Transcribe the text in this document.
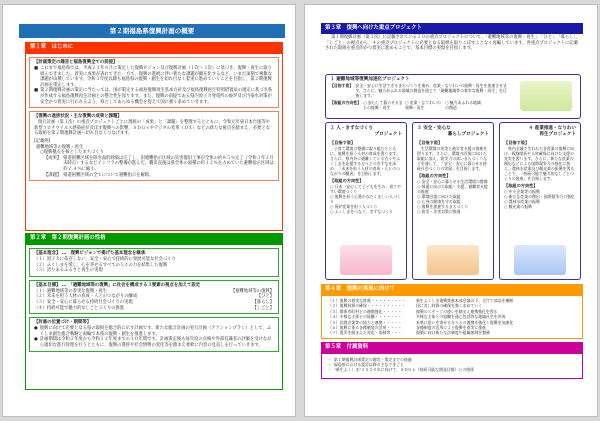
第２期福島県復興計画の概要
第１章　はじめに
【計画策定の趣旨と福島復興全ての前提】
■ これまで福島県では、平成２３年８月に策定した復興ビジョン及び復興計画（１次～３次）に基づき、復興・再生に取り組んできました。着実に成果が表れてきた一方で、復興の進展に伴い新たな課題が顕在化するなど、いまだ深刻で複雑な課題が山積しています。令和３年度以降も福島県の復興・創生を切れ目なく着実に進めていくことを目指し、第２期復興計画を策定します。
■ 第２期復興計画の策定に当たっては、国が策定する福島復興再生基本方針及び福島復興再生特別措置法の規定に基づき県が作成する福島復興再生計画との整合性を図ります。また、復興の前提である県内原子力発電所の廃炉及び汚染水対策が安全かつ着実に行われるよう、県としてあらゆる機会を捉えて国に強く求めていきます。
【復興の進捗状況・主な復興の成果と課題】
現行計画（第３次）の重点プロジェクトごとに現組の「成果」と「課題」を整理するとともに、令和元年東日本台風等や新型コロナウイルス感染症が及ぼす復興への影響、ＳＤＧｓやデジタル変革（ＤＸ）などの新たな視点を踏まえ、必要となる取組を第２期復興計画へ切れ目なくつなげます。
[記載例]
避難地域等の復興・再生
○復興拠点を核としたまちづくり
【成果】 帰還困難区域を除き面的除染は完了し、旧避難指示区域の災害復旧工事が全体の約８５％完了（令和３年２月末時点）するなどインフラの整備が進んだ。襲災直後は県全体の面積の約１２％を占めていた避難指示区域は約２.４％に縮小。
【課題】 帰還困難区域の全てについて避難指示を解除。
第２章　第２期復興計画の性格
【基本理念】 …　復興ビジョンで掲げた基本理念を継承
（１）原子力に依存しない、安全・安心で持続的に発展可能な社会づくり
（２）ふくしまを愛し、心を寄せるすべての人々の力を結集した復興
（３）誇りあるふるさと再生の実現
【基本目標】 …　「避難地域等の復興」に社会を構成する３要素の視点を加えて設定
（１）避難地域等の着実な復興・再生	【避難地域等の復興】
（２）未来を担う人材の育成・人とのつながりの醸成	【ひと】
（３）安全・安心に暮らせる持続社会づくりの実現	【暮らし】
（４）持続可能で魅力的なしごとづくりの推進	【しごと】
【計画の位置づけ・期間等】
● 復興に向けて必要となる県の取組を総合的に示す計画です。新たな総合計画の実行計画（アクションプラン）として、ふくしま創生総合戦略と両輪で本県の復興・創生を推進します。
● 計画期間は令和３年度から令和１２年度までの１０年間です。計画策定後も毎年度の点検や外部有識者の評価を受けながら適切な進行管理を行うとともに、復興の進捗や社会情勢の変化等を踏まえ柔軟に内容の見直しを行っていきます。
第３章　復興へ向けた重点プロジェクト
第１期復興計画（第３次）に記載されている１０の重点プロジェクトについて、「避難地域等の復興・再生」、「ひと」、「暮らし」、「しごと」の視点から、４の重点プロジェクトに必要となる取組を取りこぼすことなく再編しています。各重点プロジェクトに記載された取組を重点的かつ着実に進めることで、基本目標の実現を目指します。
１ 避難地域等復興加速化プロジェクト
【目指す姿】 安全・安心に生活できるまちづくりを進め、産業・なりわいの復興・再生を加速させます。さらに、魅力あふれる地域の創造を通じて「避難地域等の着実な復興・再生」を目指します。
【取組の方向性】 ○ 安心して暮らせるまちの復興・再生
○ 産業・なりわいの復興・再生
○ 魅力あふれる地域の創造
２ 人・きずなづくり
プロジェクト
【目指す姿】
子育て環境の整備に取り組むとともに、復興を担う人材の育成を図ります。さらに、県内外に避難している方々やふくしまを応援する方々とのきずなを深め、「未来を担う人材の育成・人とのつながりの醸成」を目指します。
【取組の方向性】
○ 日本一安心して子どもを生み、育てやすい環境づくり
○ 復興を担う心豊かなたくましい人づくり
○ 廃炉産業を担う人づくり
○ ふくしまをつなぐ、きずなづくり
３ 安全・安心な
暮らしプロジェクト
【目指す姿】
生活環境の充実と被災者支援の推進を図ります。さらに、環境の回復に向けた取組に加え、防災力の高いまちづくりなどを通して、「安全・安心に暮らせる持続社会づくりの実現」を目指します。
【取組の方向性】
○ 安全・安心に暮らせる生活環境の整備
○ 帰還に向けた取組・支援、避難者支援の推進
○ 環境回復に向けた取組
○ 心身の健康を守る取組
○ 復興を加速するまちづくり
○ 防災・災害対策の推進
４ 産業推進・なりわい
再生プロジェクト
【目指す姿】
県内全域で失われた各産業の復興に向け、販路開拓や人材確保に向けた支援の充実を図ります。さらに、新たな産業の創出などによる国際競争力の強化に加え、農林水産業及び観光業の振興を図ることで、「持続可能で魅力的なしごとづくりの推進」を目指します。
【取組の方向性】
○ 中小企業等の振興
○ 新たな産業の創出・国際競争力の強化
○ 農林水産業の振興
○ 観光業の振興
第４章　復興の実現に向けて
（１）復興の着実な推進・・・・・・・・・	新生ふくしま復興推進本部会議の下、全庁で部局を横断
（２）復興財源の確保・・・・・・・・・・	国に対し財源の確保を強く求めていく
（３）関係市町村との連携強化・・・・・	復興のステージの違いを踏まえ連携強化を図る
（４）多様な主体との協働・・・・・・・	多様な主体との協働を通じ包括的な地域社会を形成
（５）民間企業等の協力と連携・・・・・	本県に思いを寄せる方々との連携を強化し復興を加速化
（６）復興に係る各種制度の活用・・・・	各種制度の活用により復興を着実に推進
（７）震災を踏まえた対応・体制等・・・	復興に向け新たな法制度や組織体制を整備
第５章　付属資料
・ 第１期復興計画策定の趣旨・策定までの経過
・ 福島県における震災以降の主なできごと
・ “新生ふくしま”２０２０年に向けて、ＳＤＧｓ（持続可能な開発目標）との関係
